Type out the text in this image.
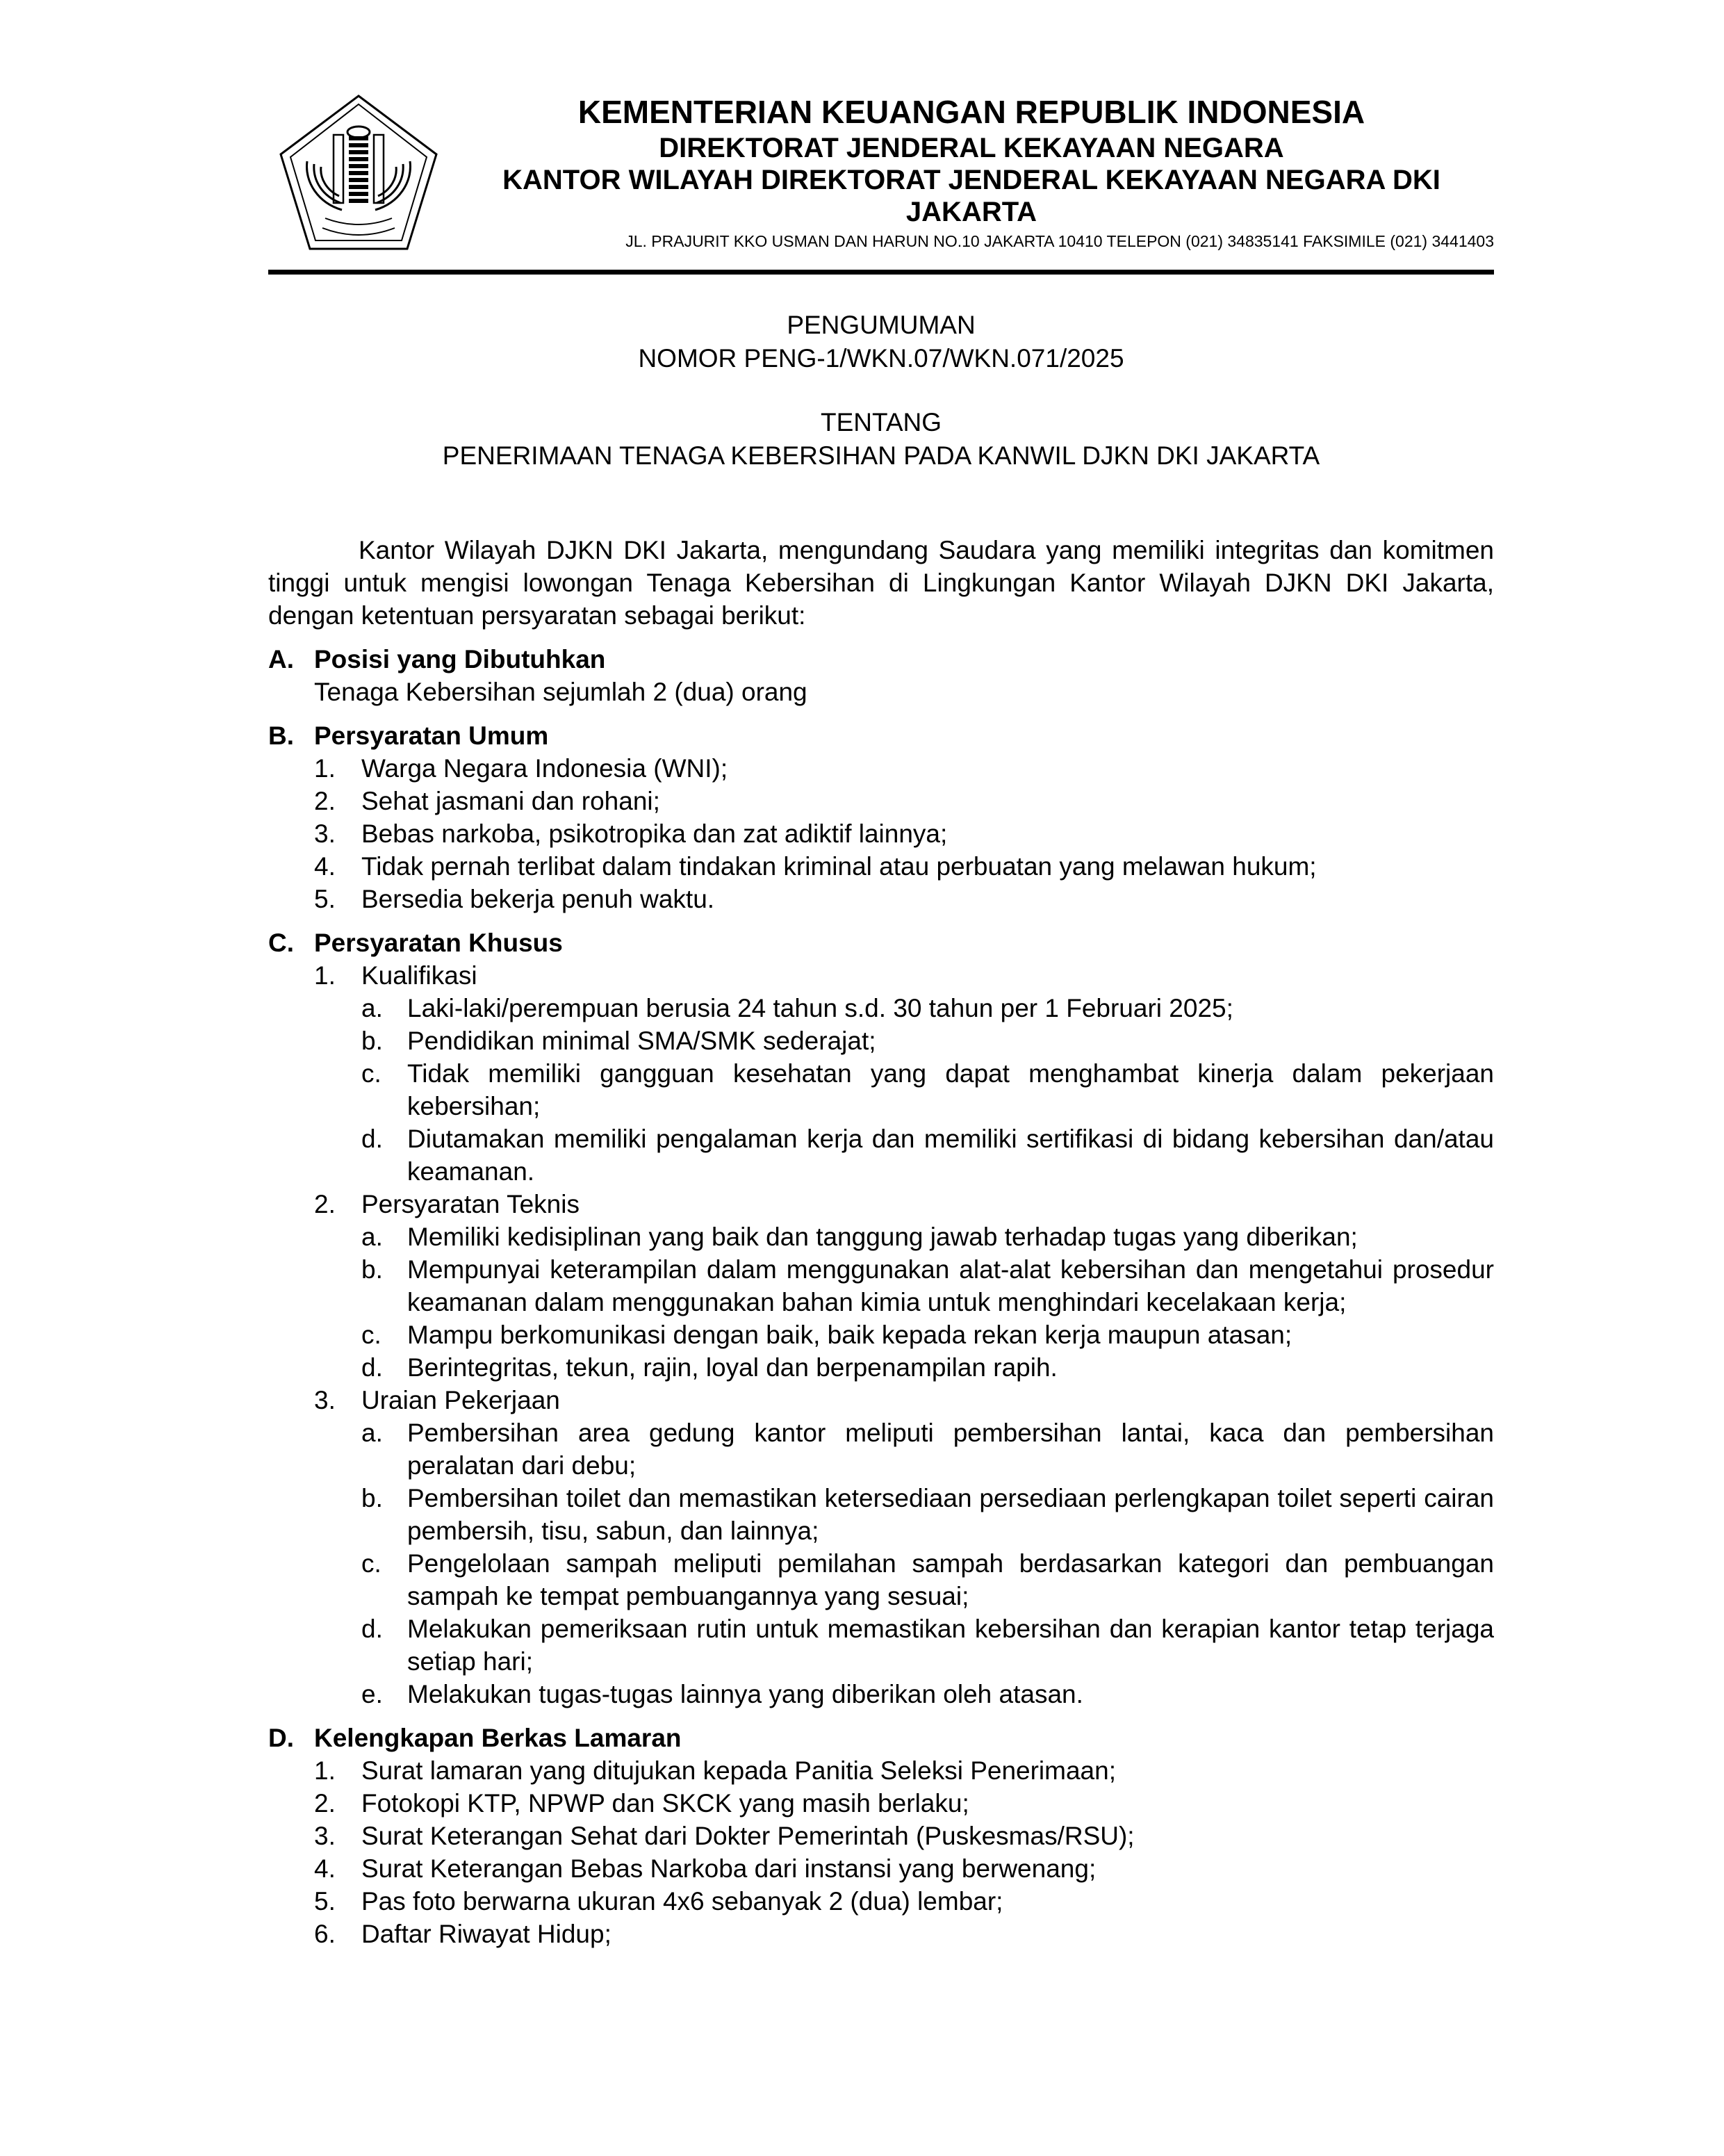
KEMENTERIAN KEUANGAN REPUBLIK INDONESIA

DIREKTORAT JENDERAL KEKAYAAN NEGARA

KANTOR WILAYAH DIREKTORAT JENDERAL KEKAYAAN NEGARA DKI

JAKARTA

JL. PRAJURIT KKO USMAN DAN HARUN NO.10 JAKARTA 10410 TELEPON (021) 34835141 FAKSIMILE (021) 3441403

PENGUMUMAN

NOMOR PENG-1/WKN.07/WKN.071/2025

TENTANG

PENERIMAAN TENAGA KEBERSIHAN PADA KANWIL DJKN DKI JAKARTA

Kantor Wilayah DJKN DKI Jakarta, mengundang Saudara yang memiliki integritas dan komitmen tinggi untuk mengisi lowongan Tenaga Kebersihan di Lingkungan Kantor Wilayah DJKN DKI Jakarta, dengan ketentuan persyaratan sebagai berikut:

A. Posisi yang Dibutuhkan
Tenaga Kebersihan sejumlah 2 (dua) orang
B. Persyaratan Umum
1.	Warga Negara Indonesia (WNI);
2.	Sehat jasmani dan rohani;
3.	Bebas narkoba, psikotropika dan zat adiktif lainnya;
4.	Tidak pernah terlibat dalam tindakan kriminal atau perbuatan yang melawan hukum;
5.	Bersedia bekerja penuh waktu.
C. Persyaratan Khusus
1.	Kualifikasi
a. Laki-laki/perempuan berusia 24 tahun s.d. 30 tahun per 1 Februari 2025;
b. Pendidikan minimal SMA/SMK sederajat;
c.	Tidak memiliki gangguan kesehatan yang dapat menghambat kinerja dalam pekerjaan kebersihan;
d. Diutamakan memiliki pengalaman kerja dan memiliki sertifikasi di bidang kebersihan dan/atau keamanan.
2.	Persyaratan Teknis
a. Memiliki kedisiplinan yang baik dan tanggung jawab terhadap tugas yang diberikan;
b. Mempunyai keterampilan dalam menggunakan alat-alat kebersihan dan mengetahui prosedur keamanan dalam menggunakan bahan kimia untuk menghindari kecelakaan kerja;
c.	Mampu berkomunikasi dengan baik, baik kepada rekan kerja maupun atasan;
d. Berintegritas, tekun, rajin, loyal dan berpenampilan rapih.
3.	Uraian Pekerjaan
a. Pembersihan area gedung kantor meliputi pembersihan lantai, kaca dan pembersihan peralatan dari debu;
b. Pembersihan toilet dan memastikan ketersediaan persediaan perlengkapan toilet seperti cairan pembersih, tisu, sabun, dan lainnya;
c.	Pengelolaan sampah meliputi pemilahan sampah berdasarkan kategori dan pembuangan sampah ke tempat pembuangannya yang sesuai;
d. Melakukan pemeriksaan rutin untuk memastikan kebersihan dan kerapian kantor tetap terjaga setiap hari;
e. Melakukan tugas-tugas lainnya yang diberikan oleh atasan.
D. Kelengkapan Berkas Lamaran
1.	Surat lamaran yang ditujukan kepada Panitia Seleksi Penerimaan;
2.	Fotokopi KTP, NPWP dan SKCK yang masih berlaku;
3.	Surat Keterangan Sehat dari Dokter Pemerintah (Puskesmas/RSU);
4.	Surat Keterangan Bebas Narkoba dari instansi yang berwenang;
5.	Pas foto berwarna ukuran 4x6 sebanyak 2 (dua) lembar;
6.	Daftar Riwayat Hidup;
